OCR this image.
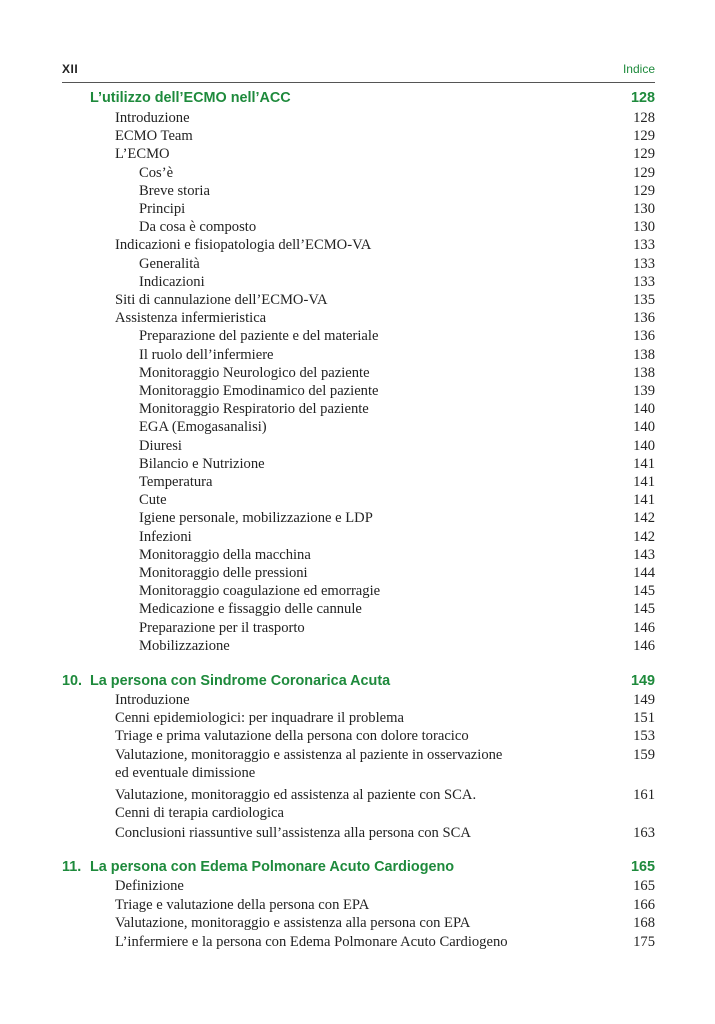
XII	Indice
L’utilizzo dell’ECMO nell’ACC	128
Introduzione	128
ECMO Team	129
L’ECMO	129
Cos’è	129
Breve storia	129
Principi	130
Da cosa è composto	130
Indicazioni e fisiopatologia dell’ECMO-VA	133
Generalità	133
Indicazioni	133
Siti di cannulazione dell’ECMO-VA	135
Assistenza infermieristica	136
Preparazione del paziente e del materiale	136
Il ruolo dell’infermiere	138
Monitoraggio Neurologico del paziente	138
Monitoraggio Emodinamico del paziente	139
Monitoraggio Respiratorio del paziente	140
EGA (Emogasanalisi)	140
Diuresi	140
Bilancio e Nutrizione	141
Temperatura	141
Cute	141
Igiene personale, mobilizzazione e LDP	142
Infezioni	142
Monitoraggio della macchina	143
Monitoraggio delle pressioni	144
Monitoraggio coagulazione ed emorragie	145
Medicazione e fissaggio delle cannule	145
Preparazione per il trasporto	146
Mobilizzazione	146
10. La persona con Sindrome Coronarica Acuta	149
Introduzione	149
Cenni epidemiologici: per inquadrare il problema	151
Triage e prima valutazione della persona con dolore toracico	153
Valutazione, monitoraggio e assistenza al paziente in osservazione	159
ed eventuale dimissione
Valutazione, monitoraggio ed assistenza al paziente con SCA.	161
Cenni di terapia cardiologica
Conclusioni riassuntive sull’assistenza alla persona con SCA	163
11. La persona con Edema Polmonare Acuto Cardiogeno	165
Definizione	165
Triage e valutazione della persona con EPA	166
Valutazione, monitoraggio e assistenza alla persona con EPA	168
L’infermiere e la persona con Edema Polmonare Acuto Cardiogeno	175
